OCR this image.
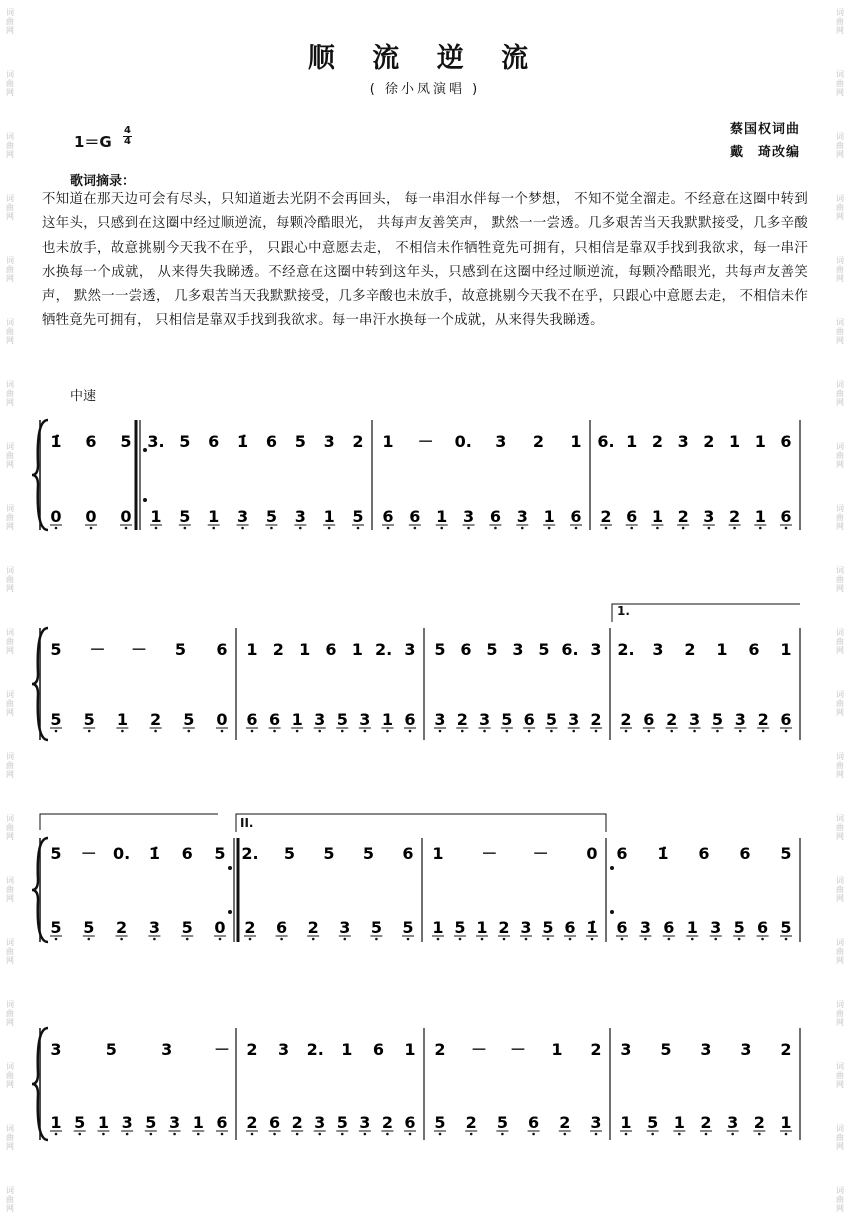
词
曲
网
词
曲
网
词
曲
网
词
曲
网
词
曲
网
词
曲
网
词
曲
网
词
曲
网
词
曲
网
词
曲
网
词
曲
网
词
曲
网
词
曲
网
词
曲
网
词
曲
网
词
曲
网
词
曲
网
词
曲
网
词
曲
网
词
曲
网
词
曲
网
词
曲
网
词
曲
网
词
曲
网
词
曲
网
词
曲
网
词
曲
网
词
曲
网
词
曲
网
词
曲
网
词
曲
网
词
曲
网
词
曲
网
词
曲
网
词
曲
网
词
曲
网
词
曲
网
词
曲
网
词
曲
网
词
曲
网
顺 流 逆 流
( 徐小凤演唱 )
1＝G
4
4
蔡国权词曲
戴　琦改编
歌词摘录：
不知道在那天边可会有尽头，只知道逝去光阴不会再回头， 每一串泪水伴每一个梦想， 不知不觉全溜走。不经意在这圈中转到这年头，只感到在这圈中经过顺逆流，每颗冷酷眼光， 共每声友善笑声， 默然一一尝透。几多艰苦当天我默默接受，几多辛酸也未放手，故意挑剔今天我不在乎， 只跟心中意愿去走， 不相信未作牺牲竟先可拥有，只相信是靠双手找到我欲求，每一串汗水换每一个成就， 从来得失我睇透。不经意在这圈中转到这年头，只感到在这圈中经过顺逆流，每颗冷酷眼光，共每声友善笑声， 默然一一尝透， 几多艰苦当天我默默接受，几多辛酸也未放手，故意挑剔今天我不在乎，只跟心中意愿去走， 不相信未作牺牲竟先可拥有， 只相信是靠双手找到我欲求。每一串汗水换每一个成就，从来得失我睇透。
中速
1.
II.
1̇ 6 5 3. 5 6 1̇ 6 5 3 2 1 － 0. 3 2 1 6. 1 2 3 2 1 1 6
0 0 0 1 5 1 3 5 3 1 5 6 6 1 3 6 3 1 6 2 6 1 2 3 2 1 6
5 － － 5 6 1 2 1 6 1 2. 3 5 6 5 3 5 6. 3 2. 3 2 1 6 1
5 5 1 2 5 0 6 6 1 3 5 3 1 6 3 2 3 5 6 5 3 2 2 6 2 3 5 3 2 6
5 － 0. 1̇ 6 5 2. 5 5 5 6 1 － － 0 6 1̇ 6 6 5
5 5 2 3 5 0 2 6 2 3 5 5 1 5 1 2 3 5 6 1̇ 6 3 6 1 3 5 6 5
3	5	3	－ 2 3 2. 1 6 1 2 － － 1 2 3 5 3 3 2
1 5 1 3 5 3 1 6 2 6 2 3 5 3 2 6 5 2 5 6 2 3 1 5 1 2 3 2 1
